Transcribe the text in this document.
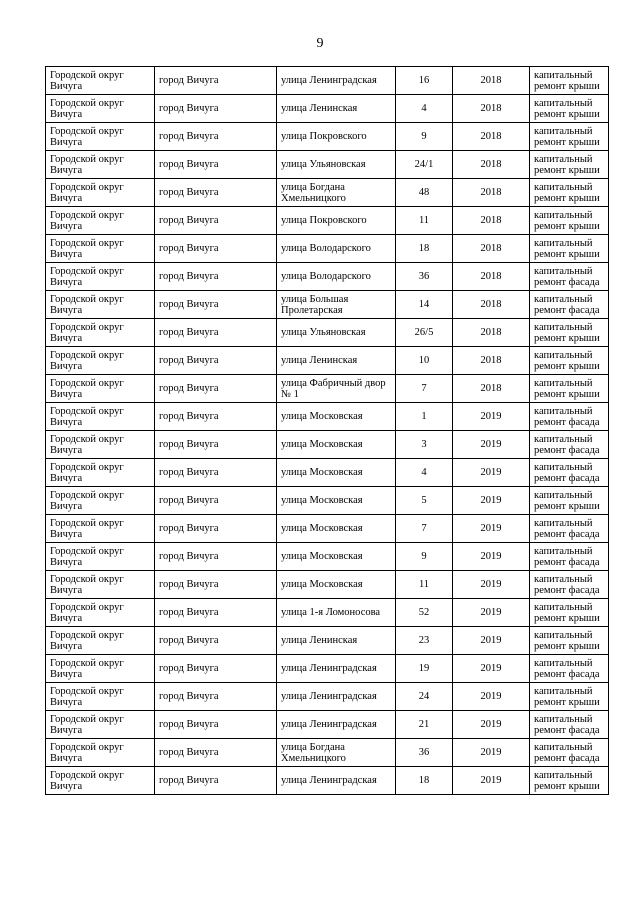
9
Городской округ Вичуга	город Вичуга	улица Ленинградская	16	2018	капитальный ремонт крыши
Городской округ Вичуга	город Вичуга	улица Ленинская	4	2018	капитальный ремонт крыши
Городской округ Вичуга	город Вичуга	улица Покровского	9	2018	капитальный ремонт крыши
Городской округ Вичуга	город Вичуга	улица Ульяновская	24/1	2018	капитальный ремонт крыши
Городской округ Вичуга	город Вичуга	улица Богдана Хмельницкого	48	2018	капитальный ремонт крыши
Городской округ Вичуга	город Вичуга	улица Покровского	11	2018	капитальный ремонт крыши
Городской округ Вичуга	город Вичуга	улица Володарского	18	2018	капитальный ремонт крыши
Городской округ Вичуга	город Вичуга	улица Володарского	36	2018	капитальный ремонт фасада
Городской округ Вичуга	город Вичуга	улица Большая Пролетарская	14	2018	капитальный ремонт фасада
Городской округ Вичуга	город Вичуга	улица Ульяновская	26/5	2018	капитальный ремонт крыши
Городской округ Вичуга	город Вичуга	улица Ленинская	10	2018	капитальный ремонт крыши
Городской округ Вичуга	город Вичуга	улица Фабричный двор № 1	7	2018	капитальный ремонт крыши
Городской округ Вичуга	город Вичуга	улица Московская	1	2019	капитальный ремонт фасада
Городской округ Вичуга	город Вичуга	улица Московская	3	2019	капитальный ремонт фасада
Городской округ Вичуга	город Вичуга	улица Московская	4	2019	капитальный ремонт фасада
Городской округ Вичуга	город Вичуга	улица Московская	5	2019	капитальный ремонт крыши
Городской округ Вичуга	город Вичуга	улица Московская	7	2019	капитальный ремонт фасада
Городской округ Вичуга	город Вичуга	улица Московская	9	2019	капитальный ремонт фасада
Городской округ Вичуга	город Вичуга	улица Московская	11	2019	капитальный ремонт фасада
Городской округ Вичуга	город Вичуга	улица 1-я Ломоносова	52	2019	капитальный ремонт крыши
Городской округ Вичуга	город Вичуга	улица Ленинская	23	2019	капитальный ремонт крыши
Городской округ Вичуга	город Вичуга	улица Ленинградская	19	2019	капитальный ремонт фасада
Городской округ Вичуга	город Вичуга	улица Ленинградская	24	2019	капитальный ремонт крыши
Городской округ Вичуга	город Вичуга	улица Ленинградская	21	2019	капитальный ремонт фасада
Городской округ Вичуга	город Вичуга	улица Богдана Хмельницкого	36	2019	капитальный ремонт фасада
Городской округ Вичуга	город Вичуга	улица Ленинградская	18	2019	капитальный ремонт крыши
